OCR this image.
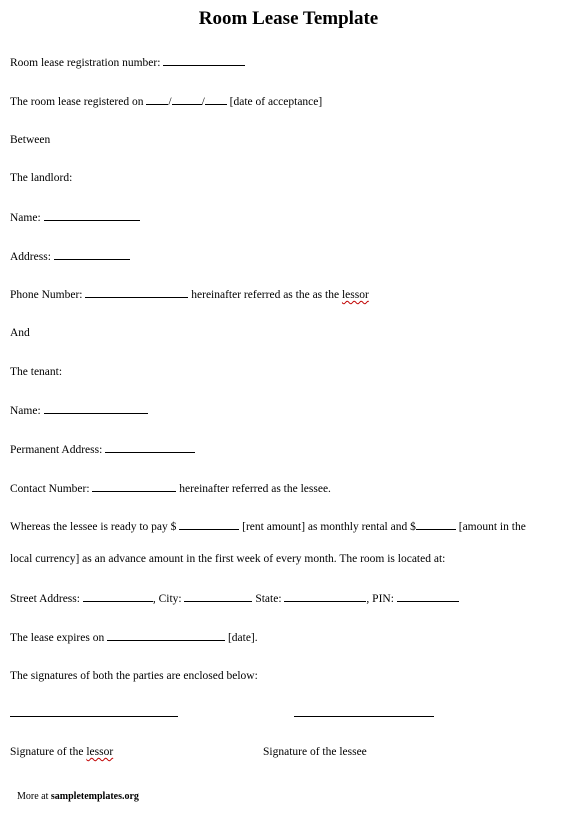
Room Lease Template
Room lease registration number:
The room lease registered on /	/ [date of acceptance]
Between
The landlord:
Name:
Address:
Phone Number:	hereinafter referred as the as the lessor
And
The tenant:
Name:
Permanent Address:
Contact Number:	hereinafter referred as the lessee.
Whereas the lessee is ready to pay $	[rent amount] as monthly rental and $	[amount in the
local currency] as an advance amount in the first week of every month. The room is located at:
Street Address:	, City:	State:	, PIN:
The lease expires on	[date].
The signatures of both the parties are enclosed below:
Signature of the lessor	Signature of the lessee
More at sampletemplates.org
